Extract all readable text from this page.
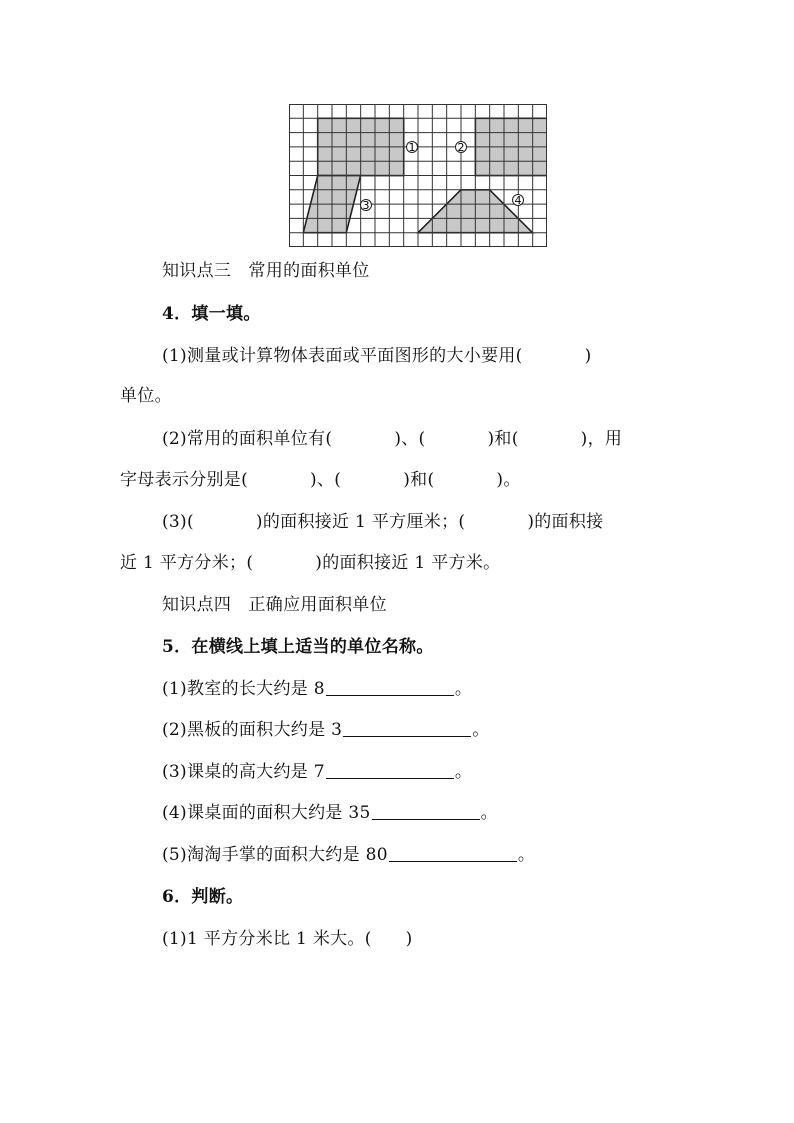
1	2
3	4
知识点三　常用的面积单位
4．填一填。
(1)测量或计算物体表面或平面图形的大小要用(	)
单位。
(2)常用的面积单位有(	)、(	)和(	)，用
字母表示分别是(	)、(	)和(	)。
(3)(	)的面积接近 1 平方厘米；(	)的面积接
近 1 平方分米；(	)的面积接近 1 平方米。
知识点四　正确应用面积单位
5．在横线上填上适当的单位名称。
(1)教室的长大约是 8	。
(2)黑板的面积大约是 3	。
(3)课桌的高大约是 7	。
(4)课桌面的面积大约是 35	。
(5)淘淘手掌的面积大约是 80	。
6．判断。
(1)1 平方分米比 1 米大。( )
